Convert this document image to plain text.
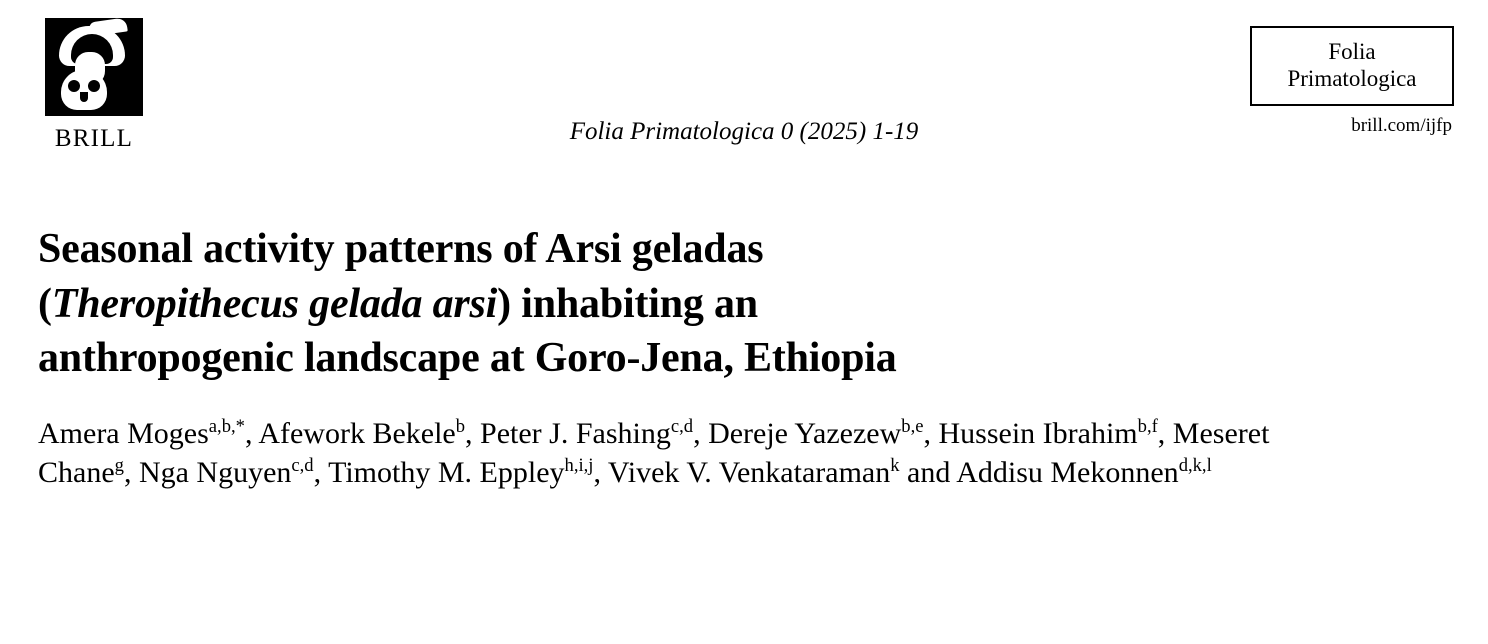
BRILL	Folia Primatologica 0 (2025) 1-19
Folia
Primatologica
brill.com/ijfp
Seasonal activity patterns of Arsi geladas
(Theropithecus gelada arsi) inhabiting an
anthropogenic landscape at Goro-Jena, Ethiopia
Amera Moges$^{a,b,*}$, Afework Bekele$^b$, Peter J. Fashing$^{c,d}$, Dereje Yazezew$^{b,e}$, Hussein Ibrahim$^{b,f}$, Meseret Chane$^g$, Nga Nguyen$^{c,d}$, Timothy M. Eppley$^{h,i,j}$, Vivek V. Venkataraman$^k$ and Addisu Mekonnen$^{d,k,l}$
